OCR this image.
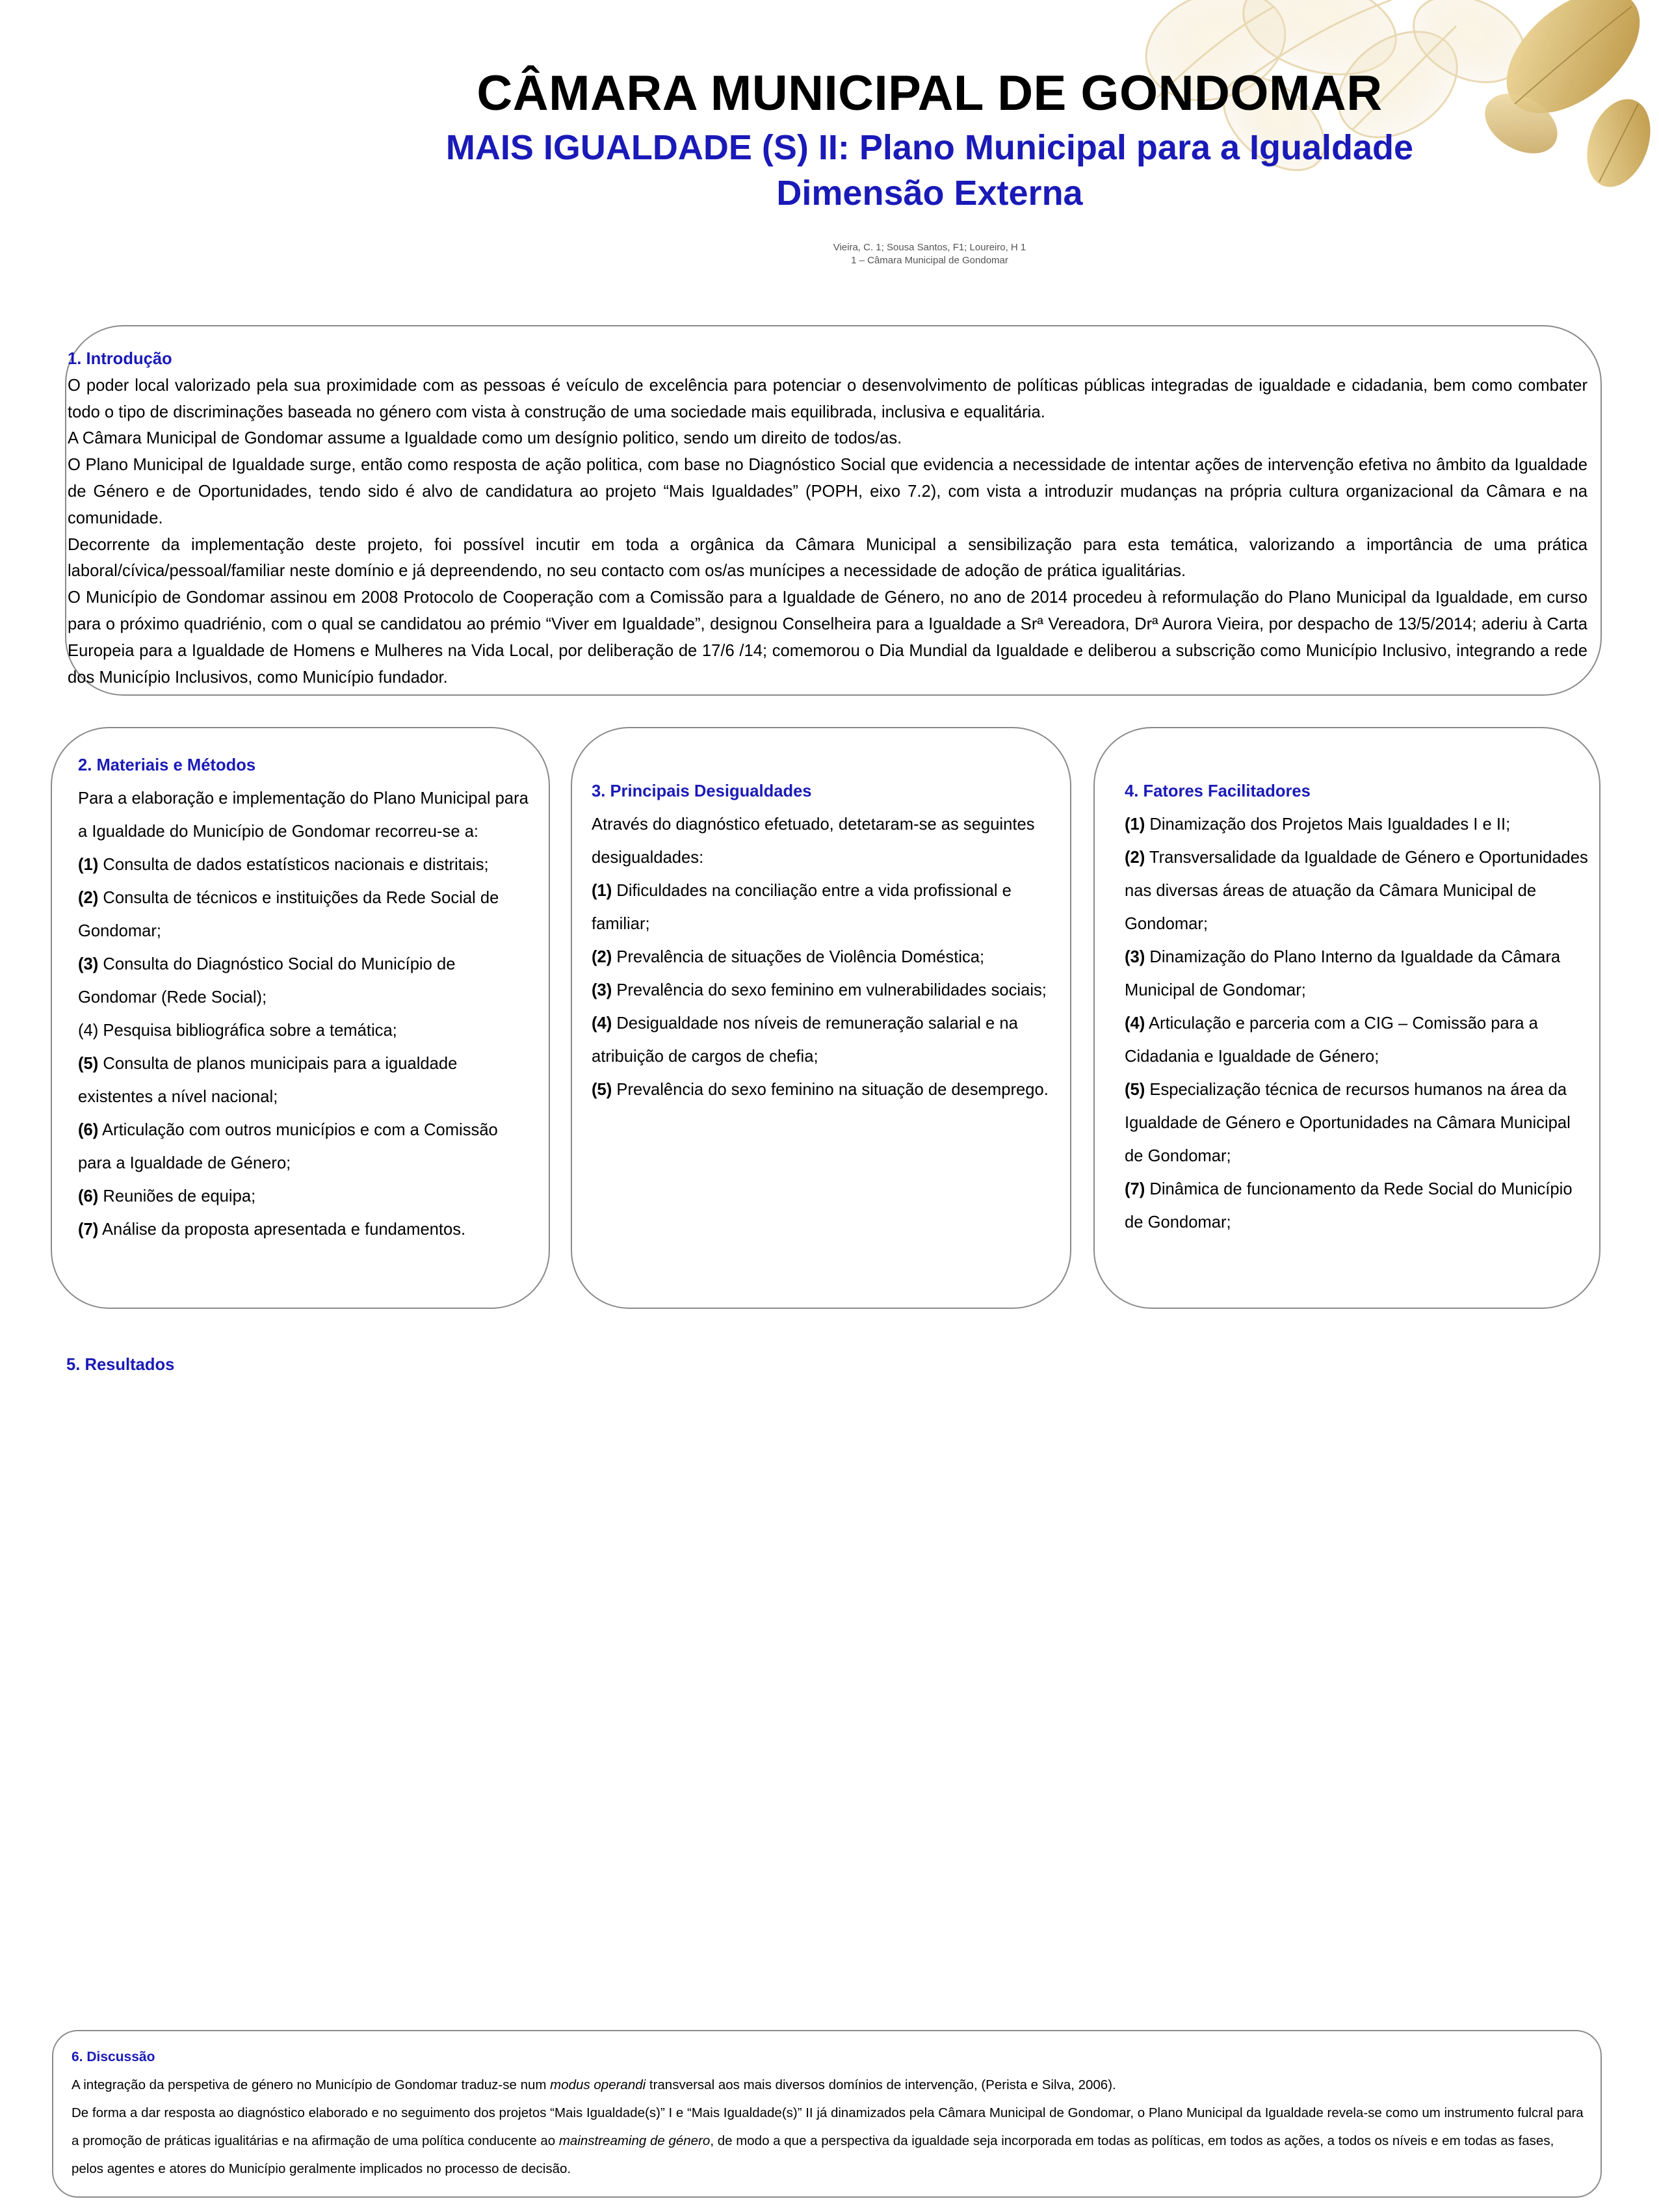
CÂMARA MUNICIPAL DE GONDOMAR
MAIS IGUALDADE (S) II: Plano Municipal para a Igualdade
Dimensão Externa
Vieira, C. 1; Sousa Santos, F1; Loureiro, H 1
1 – Câmara Municipal de Gondomar

1. Introdução

O poder local valorizado pela sua proximidade com as pessoas é veículo de excelência para potenciar o desenvolvimento de políticas públicas integradas de igualdade e cidadania, bem como combater todo o tipo de discriminações baseada no género com vista à construção de uma sociedade mais equilibrada, inclusiva e equalitária.

A Câmara Municipal de Gondomar assume a Igualdade como um desígnio politico, sendo um direito de todos/as.

O Plano Municipal de Igualdade surge, então como resposta de ação politica, com base no Diagnóstico Social que evidencia a necessidade de intentar ações de intervenção efetiva no âmbito da Igualdade de Género e de Oportunidades, tendo sido é alvo de candidatura ao projeto “Mais Igualdades” (POPH, eixo 7.2), com vista a introduzir mudanças na própria cultura organizacional da Câmara e na comunidade.

Decorrente da implementação deste projeto, foi possível incutir em toda a orgânica da Câmara Municipal a sensibilização para esta temática, valorizando a importância de uma prática laboral/cívica/pessoal/familiar neste domínio e já depreendendo, no seu contacto com os/as munícipes a necessidade de adoção de prática igualitárias.

O Município de Gondomar assinou em 2008 Protocolo de Cooperação com a Comissão para a Igualdade de Género, no ano de 2014 procedeu à reformulação do Plano Municipal da Igualdade, em curso para o próximo quadriénio, com o qual se candidatou ao prémio “Viver em Igualdade”, designou Conselheira para a Igualdade a Srª Vereadora, Drª Aurora Vieira, por despacho de 13/5/2014; aderiu à Carta Europeia para a Igualdade de Homens e Mulheres na Vida Local, por deliberação de 17/6 /14; comemorou o Dia Mundial da Igualdade e deliberou a subscrição como Município Inclusivo, integrando a rede dos Município Inclusivos, como Município fundador.

2. Materiais e Métodos

Para a elaboração e implementação do Plano Municipal para a Igualdade do Município de Gondomar recorreu-se a:

(1) Consulta de dados estatísticos nacionais e distritais;

(2) Consulta de técnicos e instituições da Rede Social de Gondomar;

(3) Consulta do Diagnóstico Social do Município de Gondomar (Rede Social);

(4) Pesquisa bibliográfica sobre a temática;

(5) Consulta de planos municipais para a igualdade existentes a nível nacional;

(6) Articulação com outros municípios e com a Comissão para a Igualdade de Género;

(6) Reuniões de equipa;

(7) Análise da proposta apresentada e fundamentos.

3. Principais Desigualdades

Através do diagnóstico efetuado, detetaram-se as seguintes desigualdades:

(1) Dificuldades na conciliação entre a vida profissional e familiar;

(2) Prevalência de situações de Violência Doméstica;

(3) Prevalência do sexo feminino em vulnerabilidades sociais;

(4) Desigualdade nos níveis de remuneração salarial e na atribuição de cargos de chefia;

(5) Prevalência do sexo feminino na situação de desemprego.

4. Fatores Facilitadores

(1) Dinamização dos Projetos Mais Igualdades I e II;

(2) Transversalidade da Igualdade de Género e Oportunidades nas diversas áreas de atuação da Câmara Municipal de Gondomar;

(3) Dinamização do Plano Interno da Igualdade da Câmara Municipal de Gondomar;

(4) Articulação e parceria com a CIG – Comissão para a Cidadania e Igualdade de Género;

(5) Especialização técnica de recursos humanos na área da Igualdade de Género e Oportunidades na Câmara Municipal de Gondomar;

(7) Dinâmica de funcionamento da Rede Social do Município de Gondomar;

5. Resultados

6. Discussão

A integração da perspetiva de género no Município de Gondomar traduz-se num modus operandi transversal aos mais diversos domínios de intervenção, (Perista e Silva, 2006).

De forma a dar resposta ao diagnóstico elaborado e no seguimento dos projetos “Mais Igualdade(s)” I e “Mais Igualdade(s)” II já dinamizados pela Câmara Municipal de Gondomar, o Plano Municipal da Igualdade revela-se como um instrumento fulcral para a promoção de práticas igualitárias e na afirmação de uma política conducente ao mainstreaming de género, de modo a que a perspectiva da igualdade seja incorporada em todas as políticas, em todos as ações, a todos os níveis e em todas as fases, pelos agentes e atores do Município geralmente implicados no processo de decisão.
